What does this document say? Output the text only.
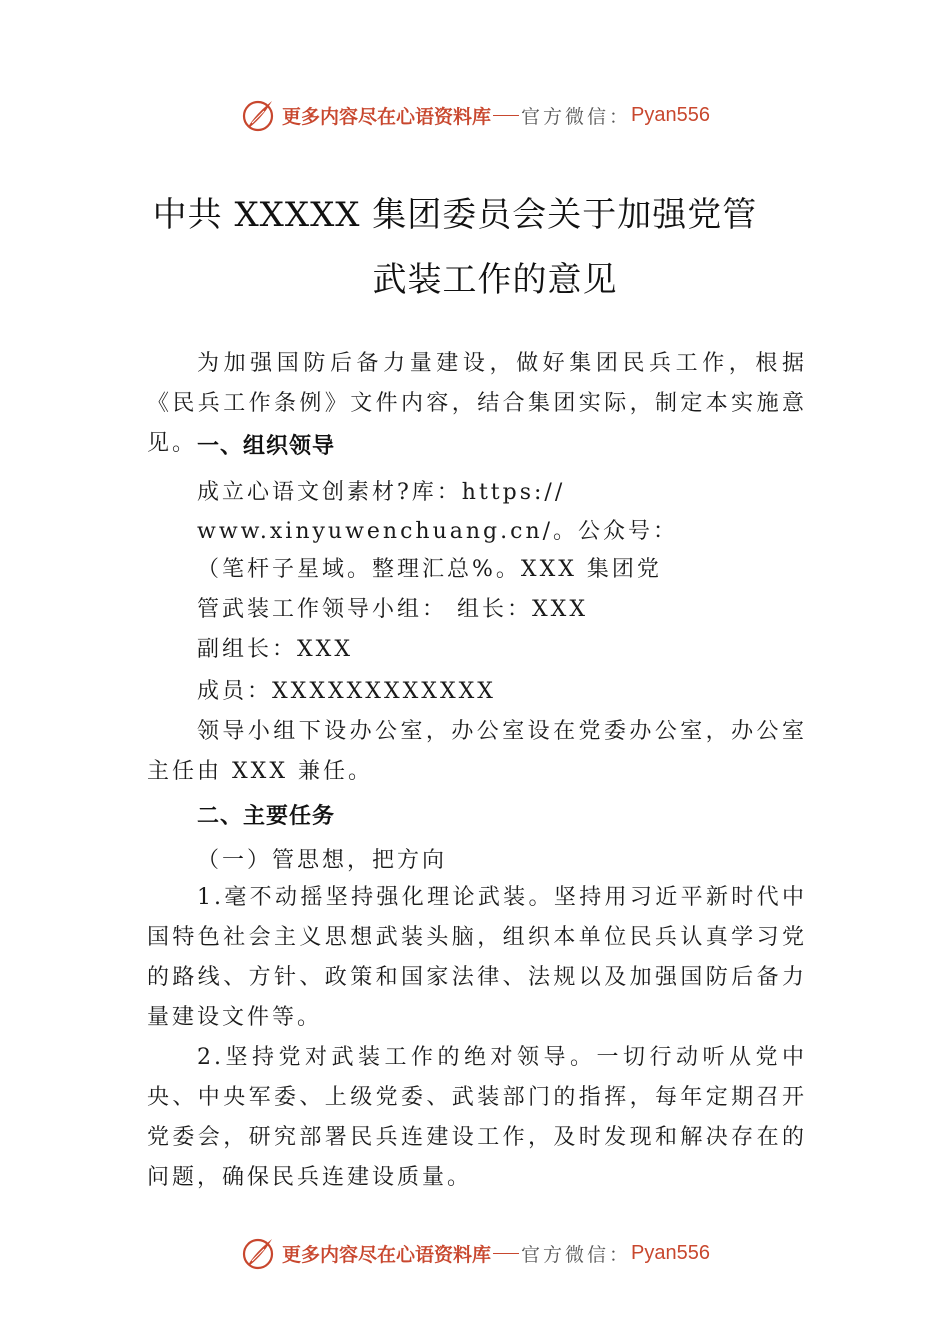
更多内容尽在心语资料库 官方微信： Pyan556
中共 XXXXX 集团委员会关于加强党管
武装工作的意见

为加强国防后备力量建设，做好集团民兵工作，根据《民兵工作条例》文件内容，结合集团实际，制定本实施意见。 一、组织领导
成立心语文创素材?库：https://
www.xinyuwenchuang.cn/。公众号：
（笔杆子星域。整理汇总%。XXX 集团党
管武装工作领导小组： 组长：XXX
副组长：XXX
成员：XXXXXXXXXXXX

领导小组下设办公室，办公室设在党委办公室，办公室主任由 XXX 兼任。

二、主要任务
（一）管思想，把方向

1.毫不动摇坚持强化理论武装。坚持用习近平新时代中国特色社会主义思想武装头脑，组织本单位民兵认真学习党的路线、方针、政策和国家法律、法规以及加强国防后备力量建设文件等。

2.坚持党对武装工作的绝对领导。一切行动听从党中央、中央军委、上级党委、武装部门的指挥，每年定期召开党委会，研究部署民兵连建设工作，及时发现和解决存在的问题，确保民兵连建设质量。

更多内容尽在心语资料库 官方微信： Pyan556
